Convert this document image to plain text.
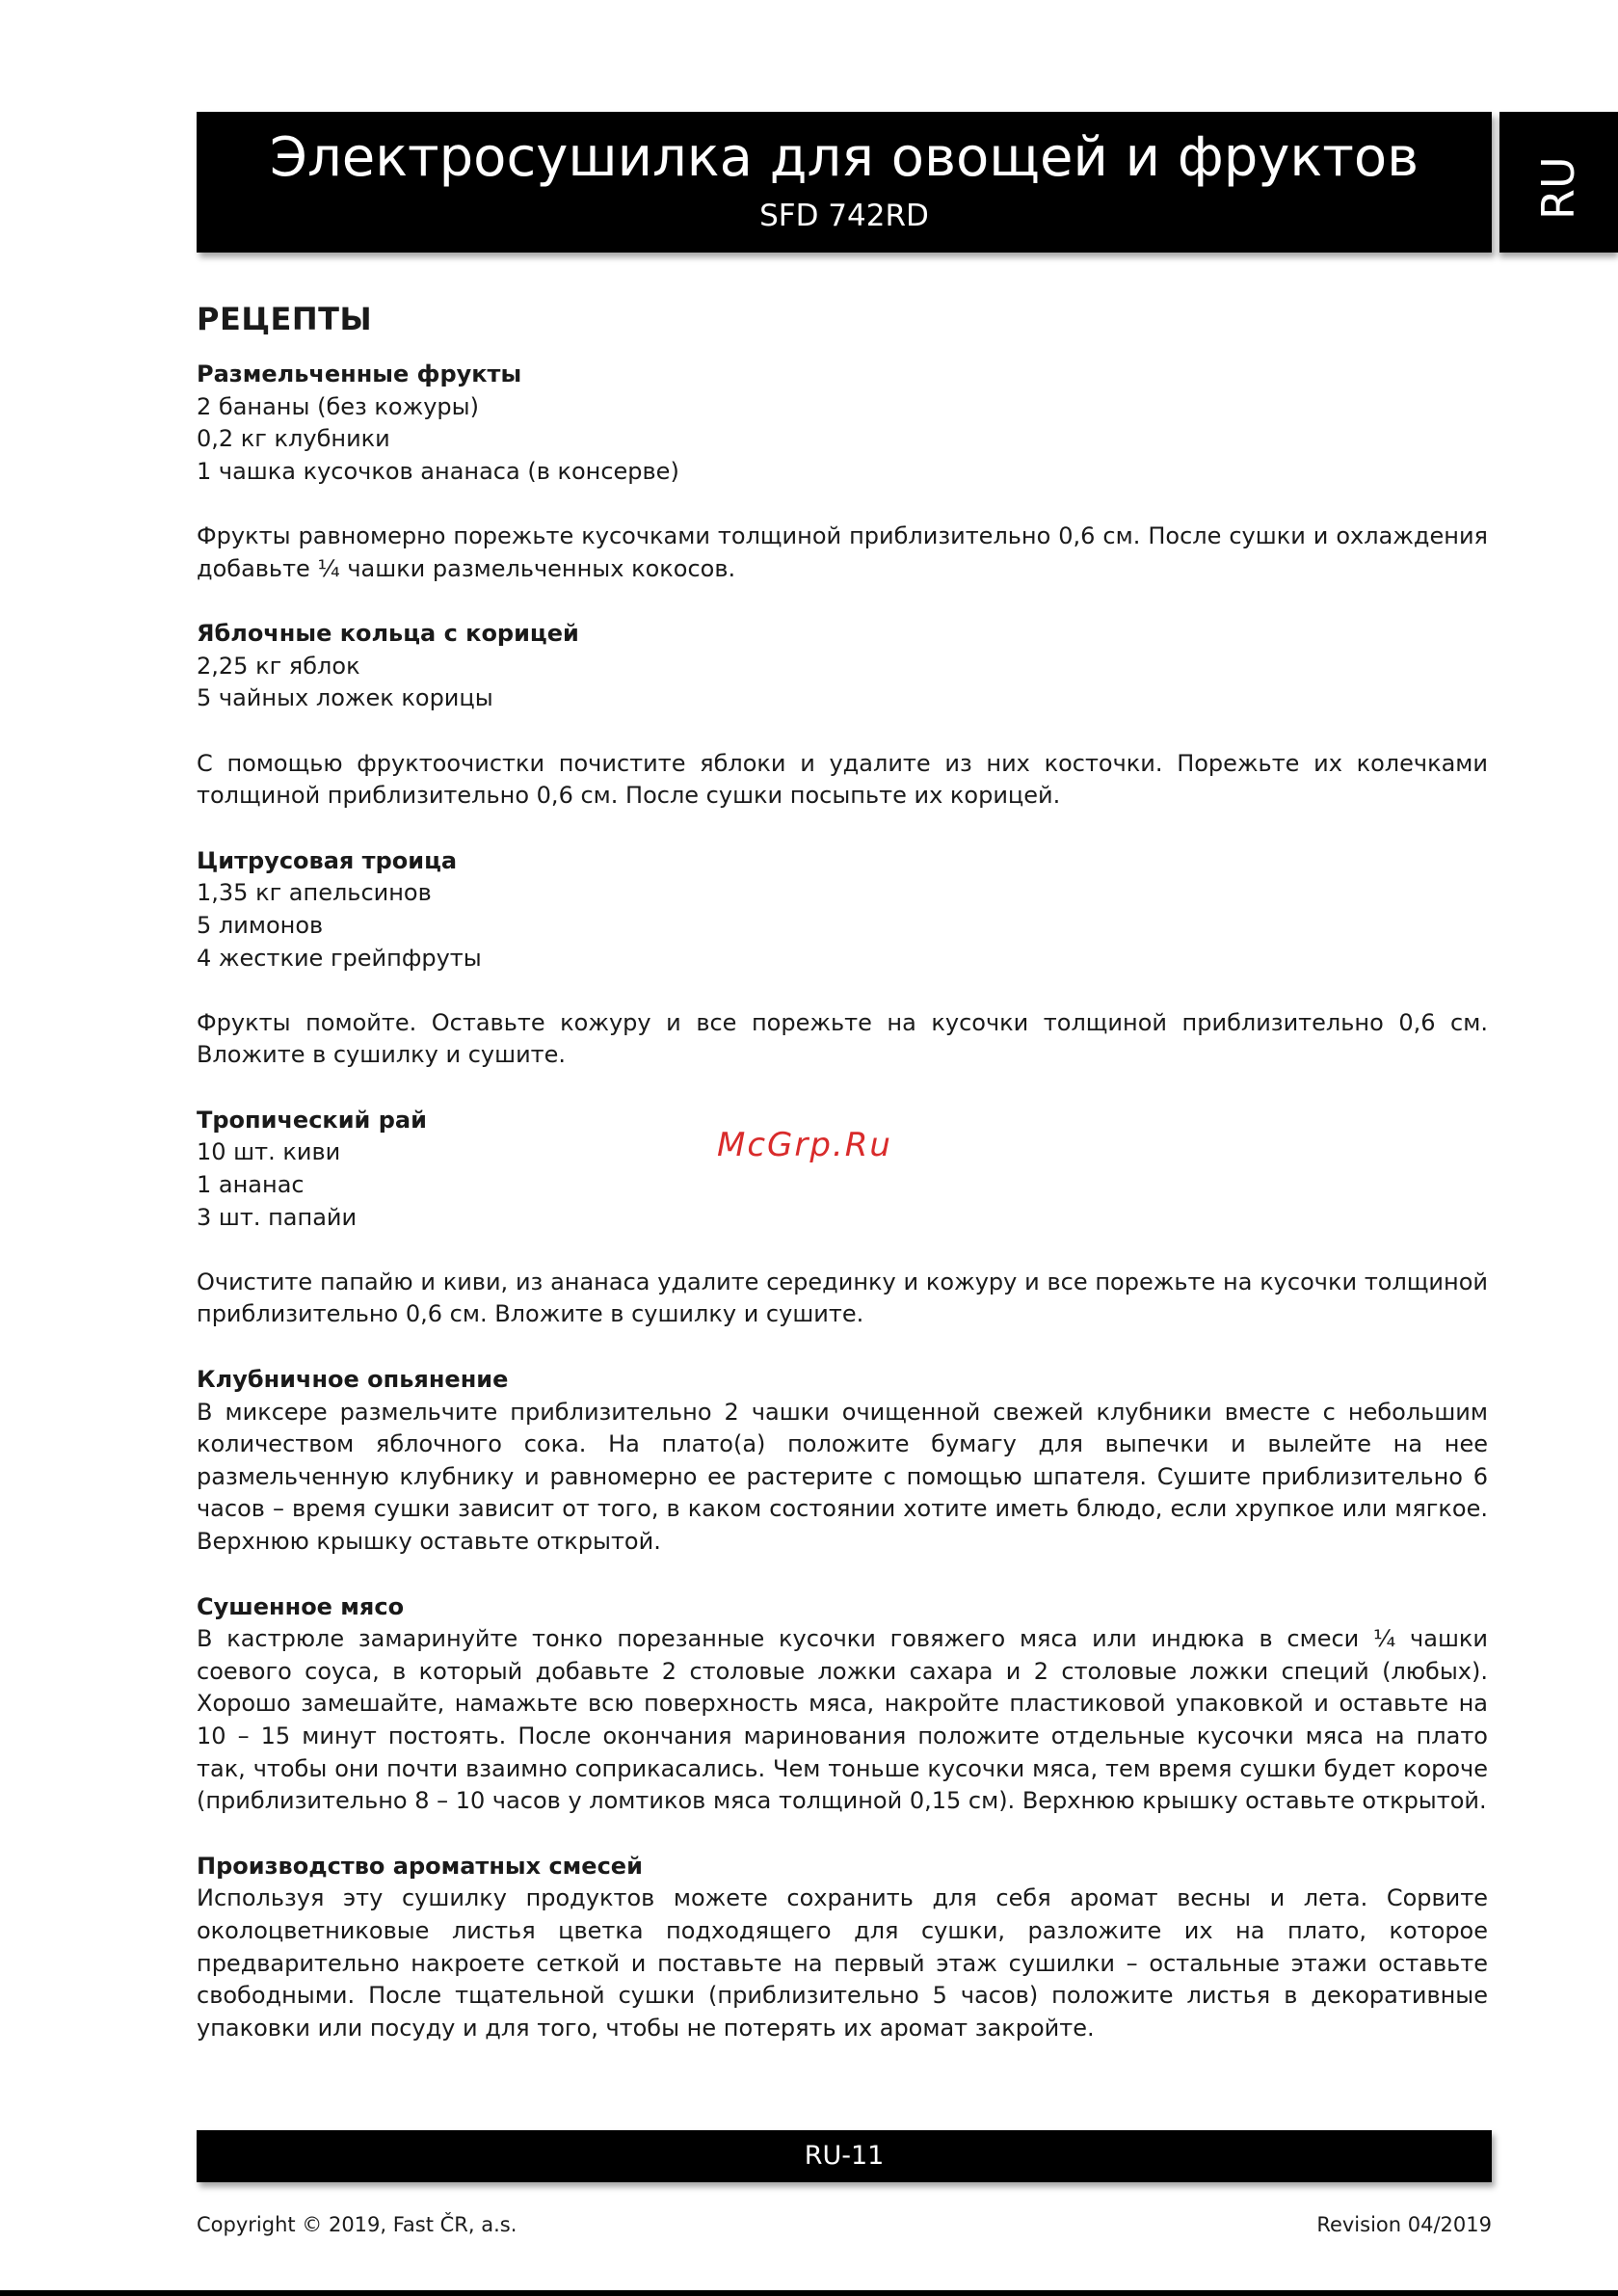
Электросушилка для овощей и фруктов
SFD 742RD	RU
РЕЦЕПТЫ
Размельченные фрукты
2 бананы (без кожуры)
0,2 кг клубники
1 чашка кусочков ананаса (в консерве)
Фрукты равномерно порежьте кусочками толщиной приблизительно 0,6 см. После сушки и охлаждения добавьте ¼ чашки размельченных кокосов.
Яблочные кольца с корицей
2,25 кг яблок
5 чайных ложек корицы
С помощью фруктоочистки почистите яблоки и удалите из них косточки. Порежьте их колечками толщиной приблизительно 0,6 см. После сушки посыпьте их корицей.
Цитрусовая троица
1,35 кг апельсинов
5 лимонов
4 жесткие грейпфруты
Фрукты помойте. Оставьте кожуру и все порежьте на кусочки толщиной приблизительно 0,6 см. Вложите в сушилку и сушите.
Тропический рай
10 шт. киви
1 ананас
3 шт. папайи
Очистите папайю и киви, из ананаса удалите серединку и кожуру и все порежьте на кусочки толщиной приблизительно 0,6 см. Вложите в сушилку и сушите.
Клубничное опьянение
В миксере размельчите приблизительно 2 чашки очищенной свежей клубники вместе с небольшим количеством яблочного сока. На плато(а) положите бумагу для выпечки и вылейте на нее размельченную клубнику и равномерно ее растерите с помощью шпателя. Сушите приблизительно 6 часов – время сушки зависит от того, в каком состоянии хотите иметь блюдо, если хрупкое или мягкое. Верхнюю крышку оставьте открытой.
Сушенное мясо
В кастрюле замаринуйте тонко порезанные кусочки говяжего мяса или индюка в смеси ¼ чашки соевого соуса, в который добавьте 2 столовые ложки сахара и 2 столовые ложки специй (любых). Хорошо замешайте, намажьте всю поверхность мяса, накройте пластиковой упаковкой и оставьте на 10 – 15 минут постоять. После окончания маринования положите отдельные кусочки мяса на плато так, чтобы они почти взаимно соприкасались. Чем тоньше кусочки мяса, тем время сушки будет короче (приблизительно 8 – 10 часов у ломтиков мяса толщиной 0,15 см). Верхнюю крышку оставьте открытой.
Производство ароматных смесей
Используя эту сушилку продуктов можете сохранить для себя аромат весны и лета. Сорвите околоцветниковые листья цветка подходящего для сушки, разложите их на плато, которое предварительно накроете сеткой и поставьте на первый этаж сушилки – остальные этажи оставьте свободными. После тщательной сушки (приблизительно 5 часов) положите листья в декоративные упаковки или посуду и для того, чтобы не потерять их аромат закройте.
McGrp.Ru
RU-11
Copyright © 2019, Fast ČR, a.s.	Revision 04/2019
